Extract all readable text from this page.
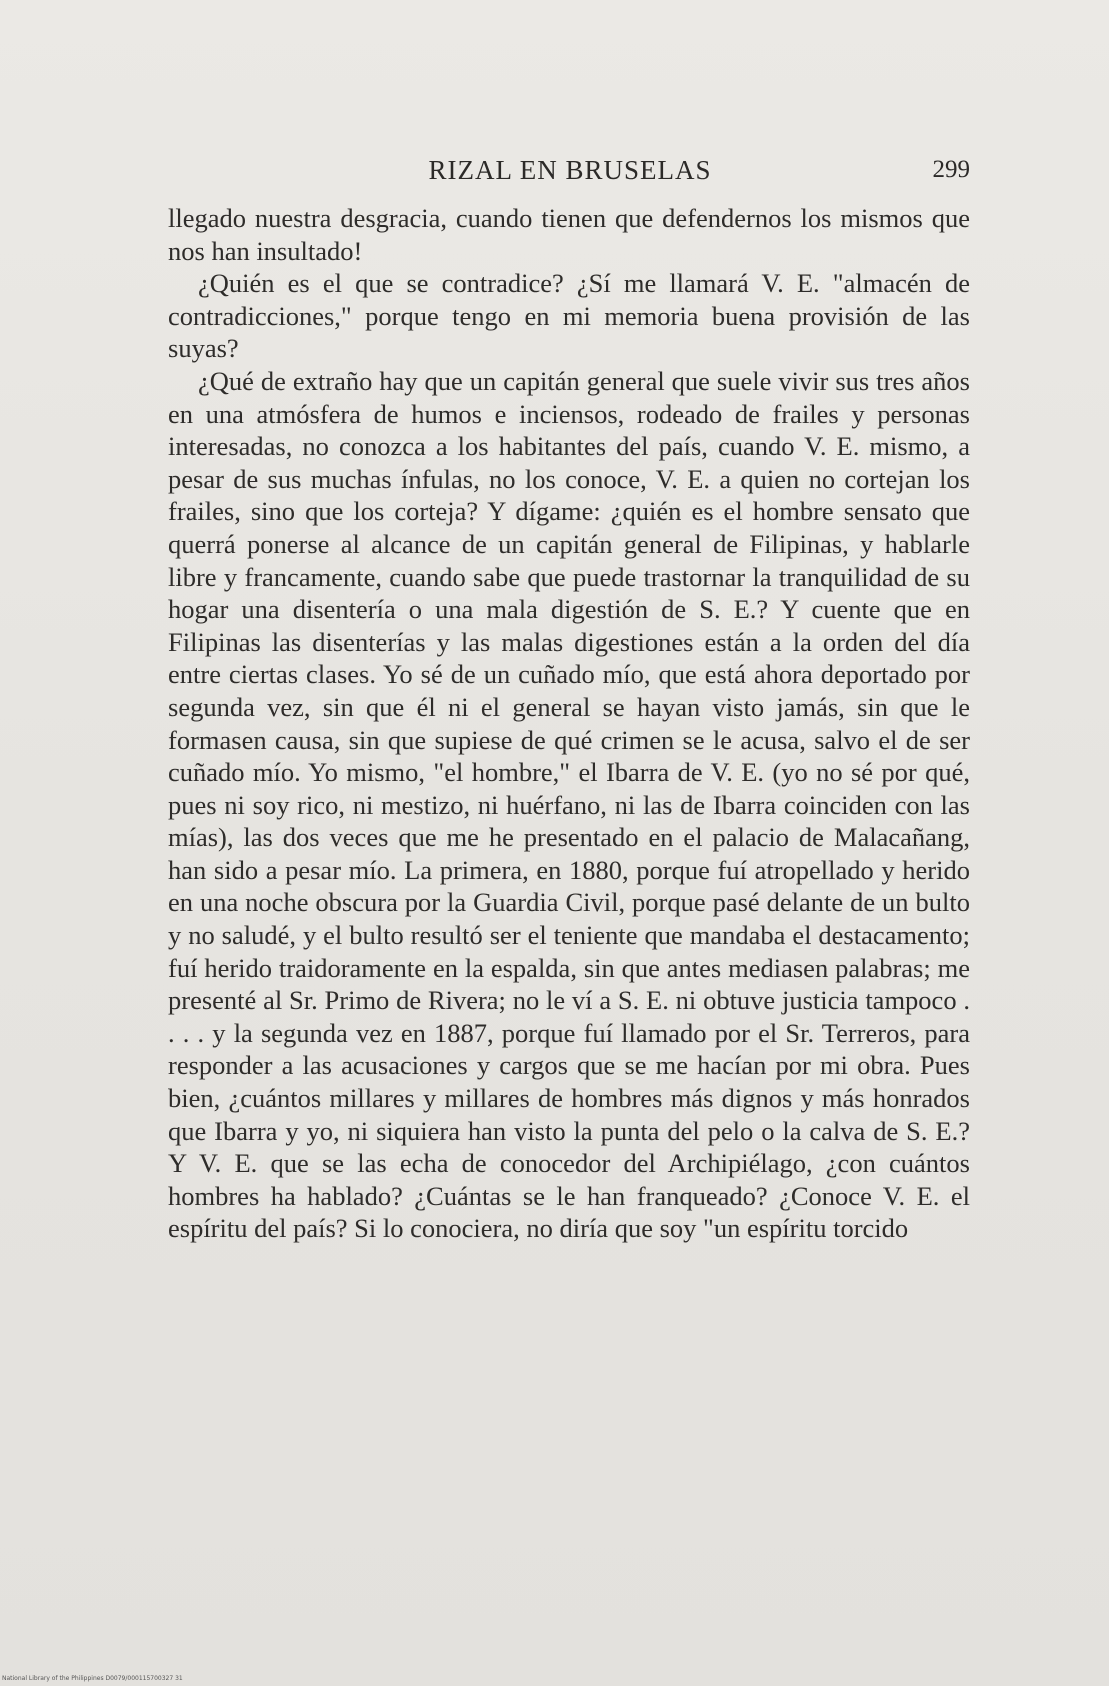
RIZAL EN BRUSELAS	299

llegado nuestra desgracia, cuando tienen que defendernos los mismos que nos han insultado!

¿Quién es el que se contradice? ¿Sí me llamará V. E. "almacén de contradicciones," porque tengo en mi memoria buena provisión de las suyas?

¿Qué de extraño hay que un capitán general que suele vivir sus tres años en una atmósfera de humos e inciensos, rodeado de frailes y personas interesadas, no conozca a los habitantes del país, cuando V. E. mismo, a pesar de sus muchas ínfulas, no los conoce, V. E. a quien no cortejan los frailes, sino que los corteja? Y dígame: ¿quién es el hombre sensato que querrá ponerse al alcance de un capitán general de Filipinas, y hablarle libre y francamente, cuando sabe que puede trastornar la tranquilidad de su hogar una disentería o una mala digestión de S. E.? Y cuente que en Filipinas las disenterías y las malas digestiones están a la orden del día entre ciertas clases. Yo sé de un cuñado mío, que está ahora deportado por segunda vez, sin que él ni el general se hayan visto jamás, sin que le formasen causa, sin que supiese de qué crimen se le acusa, salvo el de ser cuñado mío. Yo mismo, "el hombre," el Ibarra de V. E. (yo no sé por qué, pues ni soy rico, ni mestizo, ni huérfano, ni las de Ibarra coinciden con las mías), las dos veces que me he presentado en el palacio de Malacañang, han sido a pesar mío. La primera, en 1880, porque fuí atropellado y herido en una noche obscura por la Guardia Civil, porque pasé delante de un bulto y no saludé, y el bulto resultó ser el teniente que mandaba el destacamento; fuí herido traidoramente en la espalda, sin que antes mediasen palabras; me presenté al Sr. Primo de Rivera; no le ví a S. E. ni obtuve justicia tampoco . . . . y la segunda vez en 1887, porque fuí llamado por el Sr. Terreros, para responder a las acusaciones y cargos que se me hacían por mi obra. Pues bien, ¿cuántos millares y millares de hombres más dignos y más honrados que Ibarra y yo, ni siquiera han visto la punta del pelo o la calva de S. E.? Y V. E. que se las echa de conocedor del Archipiélago, ¿con cuántos hombres ha hablado? ¿Cuántas se le han franqueado? ¿Conoce V. E. el espíritu del país? Si lo conociera, no diría que soy "un espíritu torcido

National Library of the Philippines D0079/000115700327 31
